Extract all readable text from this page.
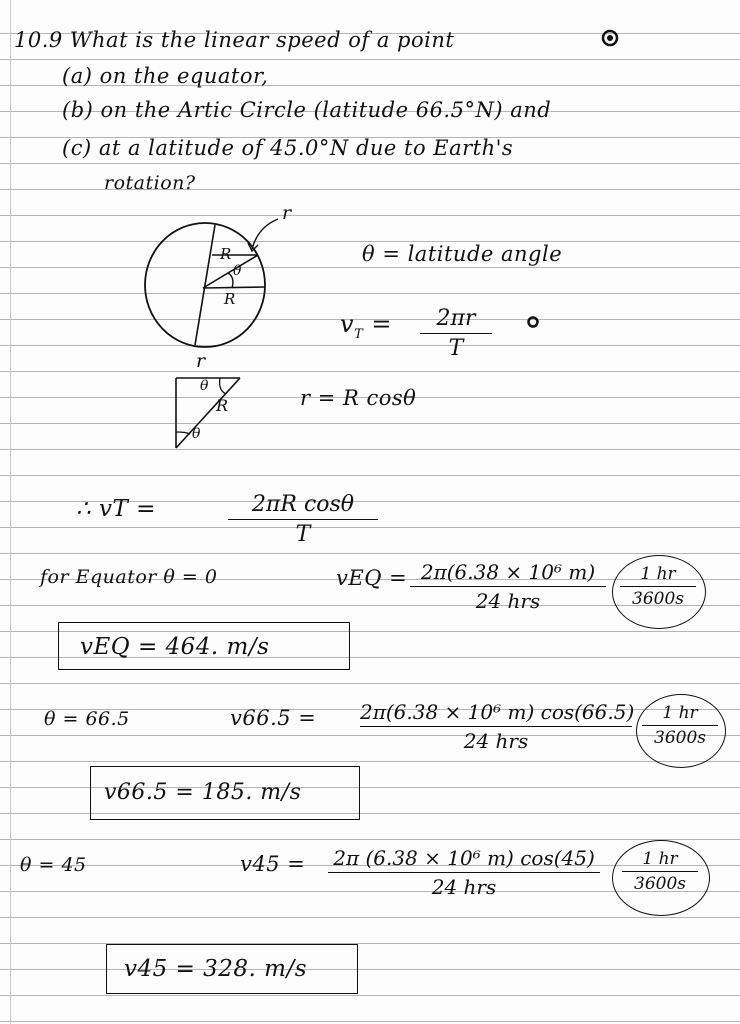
10.9 What is the linear speed of a point
(a) on the equator,
(b) on the Artic Circle (latitude 66.5°N) and
(c) at a latitude of 45.0°N due to Earth's
rotation?
r
R
θ
R
r
θ
R
θ
θ = latitude angle
$v_T$ =	2πr
T
r = R cosθ
∴ vT =	2πR cosθ
T
for Equator θ = 0	vEQ = 2π(6.38 × 10⁶ m)
24 hrs
1 hr
3600s
vEQ = 464. m/s
θ = 66.5	v66.5 = 2π(6.38 × 10⁶ m) cos(66.5)
24 hrs
1 hr
3600s
v66.5 = 185. m/s
θ = 45	v45 = 2π (6.38 × 10⁶ m) cos(45)
24 hrs
1 hr
3600s
v45 = 328. m/s
